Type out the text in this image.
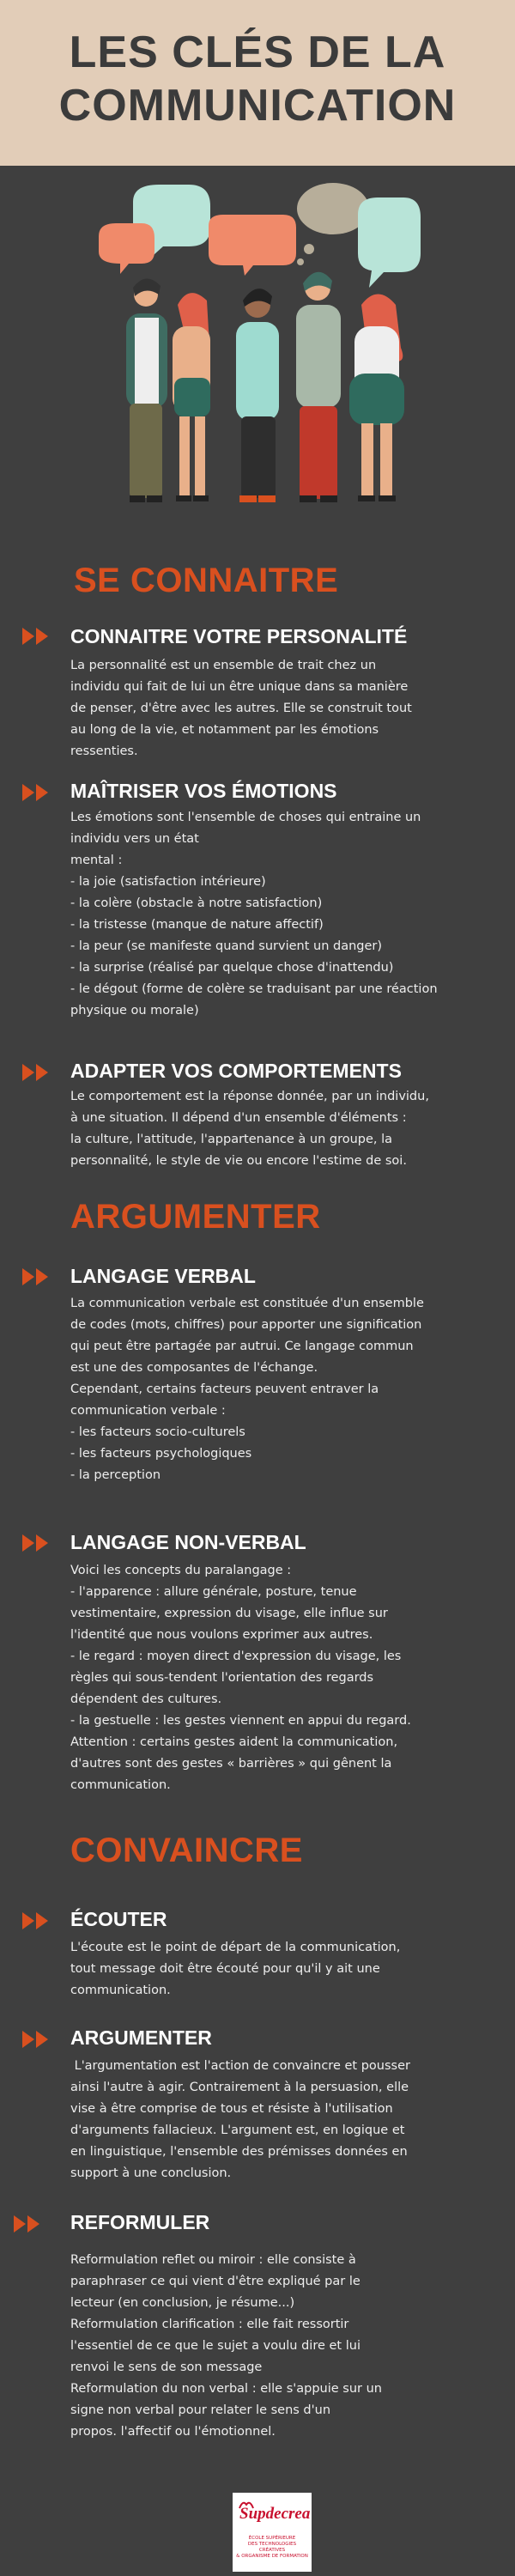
LES CLÉS DE LA
COMMUNICATION
SE CONNAITRE
CONNAITRE VOTRE PERSONALITÉ

La personnalité est un ensemble de trait chez un

individu qui fait de lui un être unique dans sa manière

de penser, d'être avec les autres. Elle se construit tout

au long de la vie, et notamment par les émotions

ressenties.

MAÎTRISER VOS ÉMOTIONS

Les émotions sont l'ensemble de choses qui entraine un

individu vers un état

mental :

- la joie (satisfaction intérieure)

- la colère (obstacle à notre satisfaction)

- la tristesse (manque de nature affectif)

- la peur (se manifeste quand survient un danger)

- la surprise (réalisé par quelque chose d'inattendu)

- le dégout (forme de colère se traduisant par une réaction

physique ou morale)

ADAPTER VOS COMPORTEMENTS

Le comportement est la réponse donnée, par un individu,

à une situation. Il dépend d'un ensemble d'éléments :

la culture, l'attitude, l'appartenance à un groupe, la

personnalité, le style de vie ou encore l'estime de soi.

ARGUMENTER
LANGAGE VERBAL

La communication verbale est constituée d'un ensemble

de codes (mots, chiffres) pour apporter une signification

qui peut être partagée par autrui. Ce langage commun

est une des composantes de l'échange.

Cependant, certains facteurs peuvent entraver la

communication verbale :

- les facteurs socio-culturels

- les facteurs psychologiques

- la perception

LANGAGE NON-VERBAL

Voici les concepts du paralangage :

- l'apparence : allure générale, posture, tenue

vestimentaire, expression du visage, elle influe sur

l'identité que nous voulons exprimer aux autres.

- le regard : moyen direct d'expression du visage, les

règles qui sous-tendent l'orientation des regards

dépendent des cultures.

- la gestuelle : les gestes viennent en appui du regard.

Attention : certains gestes aident la communication,

d'autres sont des gestes « barrières » qui gênent la

communication.

CONVAINCRE
ÉCOUTER

L'écoute est le point de départ de la communication,

tout message doit être écouté pour qu'il y ait une

communication.

ARGUMENTER

L'argumentation est l'action de convaincre et pousser

ainsi l'autre à agir. Contrairement à la persuasion, elle

vise à être comprise de tous et résiste à l'utilisation

d'arguments fallacieux. L'argument est, en logique et

en linguistique, l'ensemble des prémisses données en

support à une conclusion.

REFORMULER

Reformulation reflet ou miroir : elle consiste à

paraphraser ce qui vient d'être expliqué par le

lecteur (en conclusion, je résume...)

Reformulation clarification : elle fait ressortir

l'essentiel de ce que le sujet a voulu dire et lui

renvoi le sens de son message

Reformulation du non verbal : elle s'appuie sur un

signe non verbal pour relater le sens d'un

propos. l'affectif ou l'émotionnel.

Supdecrea
ÉCOLE SUPÉRIEURE
DES TECHNOLOGIES CRÉATIVES
& ORGANISME DE FORMATION
